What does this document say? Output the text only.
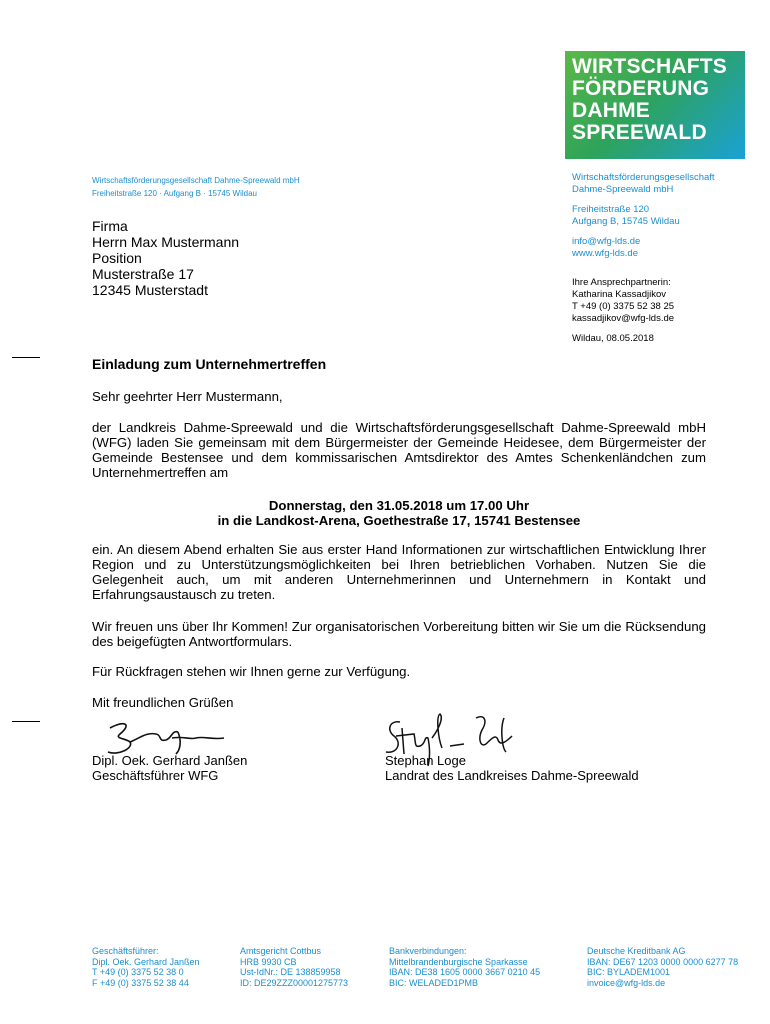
WIRTSCHAFTS
FÖRDERUNG
DAHME
SPREEWALD
Wirtschaftsförderungsgesellschaft Dahme-Spreewald mbH
Freiheitstraße 120 · Aufgang B · 15745 Wildau
Firma
Herrn Max Mustermann
Position
Musterstraße 17
12345 Musterstadt
Wirtschaftsförderungsgesellschaft
Dahme-Spreewald mbH
Freiheitstraße 120
Aufgang B, 15745 Wildau
info@wfg-lds.de
www.wfg-lds.de
Ihre Ansprechpartnerin:
Katharina Kassadjikov
T +49 (0) 3375 52 38 25
kassadjikov@wfg-lds.de
Wildau, 08.05.2018
Einladung zum Unternehmertreffen
Sehr geehrter Herr Mustermann,
der Landkreis Dahme-Spreewald und die Wirtschaftsförderungsgesellschaft Dahme-Spreewald mbH (WFG) laden Sie gemeinsam mit dem Bürgermeister der Gemeinde Heidesee, dem Bürgermeister der Gemeinde Bestensee und dem kommissarischen Amtsdirektor des Amtes Schenkenländchen zum Unternehmertreffen am
Donnerstag, den 31.05.2018 um 17.00 Uhr
in die Landkost-Arena, Goethestraße 17, 15741 Bestensee
ein. An diesem Abend erhalten Sie aus erster Hand Informationen zur wirtschaftlichen Entwicklung Ihrer Region und zu Unterstützungsmöglichkeiten bei Ihren betrieblichen Vorhaben. Nutzen Sie die Gelegenheit auch, um mit anderen Unternehmerinnen und Unternehmern in Kontakt und Erfahrungsaustausch zu treten.
Wir freuen uns über Ihr Kommen! Zur organisatorischen Vorbereitung bitten wir Sie um die Rücksendung des beigefügten Antwortformulars.
Für Rückfragen stehen wir Ihnen gerne zur Verfügung.
Mit freundlichen Grüßen
Dipl. Oek. Gerhard Janßen
Geschäftsführer WFG
Stephan Loge
Landrat des Landkreises Dahme-Spreewald
Geschäftsführer:
Dipl. Oek. Gerhard Janßen
T +49 (0) 3375 52 38 0
F +49 (0) 3375 52 38 44
Amtsgericht Cottbus
HRB 9930 CB
Ust-IdNr.: DE 138859958
ID: DE29ZZZ00001275773
Bankverbindungen:
Mittelbrandenburgische Sparkasse
IBAN: DE38 1605 0000 3667 0210 45
BIC: WELADED1PMB
Deutsche Kreditbank AG
IBAN: DE67 1203 0000 0000 6277 78
BIC: BYLADEM1001
invoice@wfg-lds.de
